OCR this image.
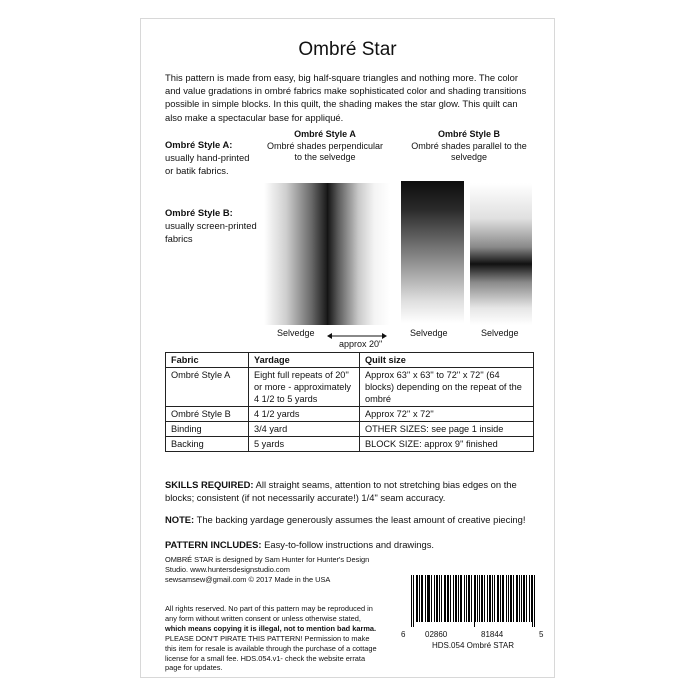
Ombré Star
This pattern is made from easy, big half-square triangles and nothing more. The color and value gradations in ombré fabrics make sophisticated color and shading transitions possible in simple blocks. In this quilt, the shading makes the star glow. This quilt can also make a spectacular base for appliqué.
Ombré Style A:
usually hand-printed or batik fabrics.
Ombré Style B:
usually screen-printed fabrics
Ombré Style A
Ombré shades perpendicular to the selvedge
Ombré Style B
Ombré shades parallel to the selvedge
Selvedge	Selvedge	Selvedge
approx 20"
Fabric	Yardage	Quilt size
Ombré Style A	Eight full repeats of 20'' or more - approximately 4 1/2 to 5 yards	Approx 63'' x 63'' to 72'' x 72'' (64 blocks) depending on the repeat of the ombré
Ombré Style B	4 1/2 yards	Approx 72'' x 72''
Binding	3/4 yard	OTHER SIZES: see page 1 inside
Backing	5 yards	BLOCK SIZE: approx 9'' finished
SKILLS REQUIRED: All straight seams, attention to not stretching bias edges on the blocks; consistent (if not necessarily accurate!) 1/4" seam accuracy.
NOTE: The backing yardage generously assumes the least amount of creative piecing!
PATTERN INCLUDES: Easy-to-follow instructions and drawings.
OMBRÉ STAR is designed by Sam Hunter for Hunter's Design
Studio. www.huntersdesignstudio.com
sewsamsew@gmail.com © 2017 Made in the USA
All rights reserved. No part of this pattern may be reproduced in any form without written consent or unless otherwise stated, which means copying it is illegal, not to mention bad karma. PLEASE DON'T PIRATE THIS PATTERN! Permission to make this item for resale is available through the purchase of a cottage license for a small fee. HDS.054.v1- check the website errata page for updates.
6 02860	81844	5
HDS.054 Ombré STAR
